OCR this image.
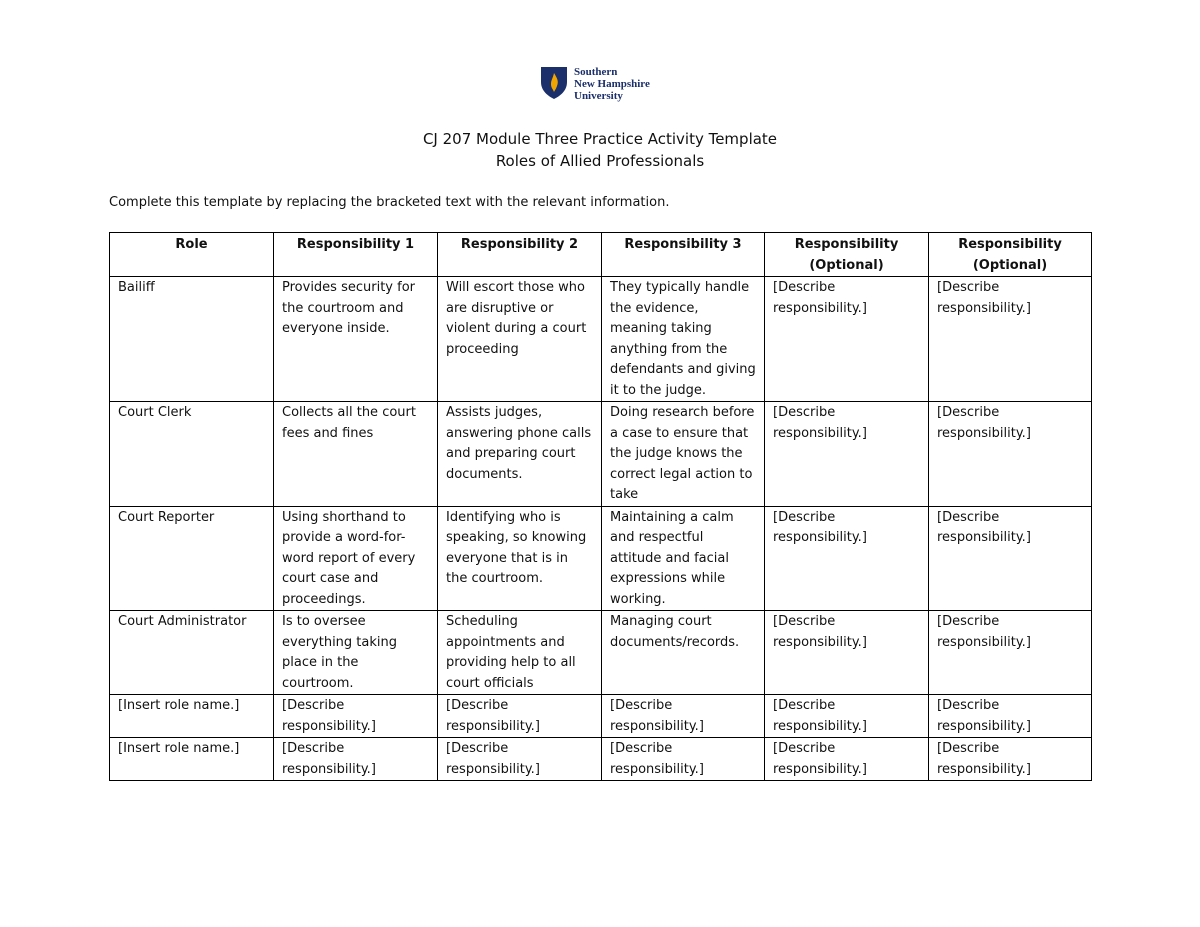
Southern
New Hampshire
University
CJ 207 Module Three Practice Activity Template
Roles of Allied Professionals
Complete this template by replacing the bracketed text with the relevant information.
Role	Responsibility 1	Responsibility 2	Responsibility 3	Responsibility (Optional)	Responsibility (Optional)
Bailiff	Provides security for the courtroom and everyone inside.	Will escort those who are disruptive or violent during a court proceeding	They typically handle the evidence, meaning taking anything from the defendants and giving it to the judge.	[Describe responsibility.]	[Describe responsibility.]
Court Clerk	Collects all the court fees and fines	Assists judges, answering phone calls and preparing court documents.	Doing research before a case to ensure that the judge knows the correct legal action to take	[Describe responsibility.]	[Describe responsibility.]
Court Reporter	Using shorthand to provide a word-for-word report of every court case and proceedings.	Identifying who is speaking, so knowing everyone that is in the courtroom.	Maintaining a calm and respectful attitude and facial expressions while working.	[Describe responsibility.]	[Describe responsibility.]
Court Administrator	Is to oversee everything taking place in the courtroom.	Scheduling appointments and providing help to all court officials	Managing court documents/records.	[Describe responsibility.]	[Describe responsibility.]
[Insert role name.]	[Describe responsibility.]	[Describe responsibility.]	[Describe responsibility.]	[Describe responsibility.]	[Describe responsibility.]
[Insert role name.]	[Describe responsibility.]	[Describe responsibility.]	[Describe responsibility.]	[Describe responsibility.]	[Describe responsibility.]
